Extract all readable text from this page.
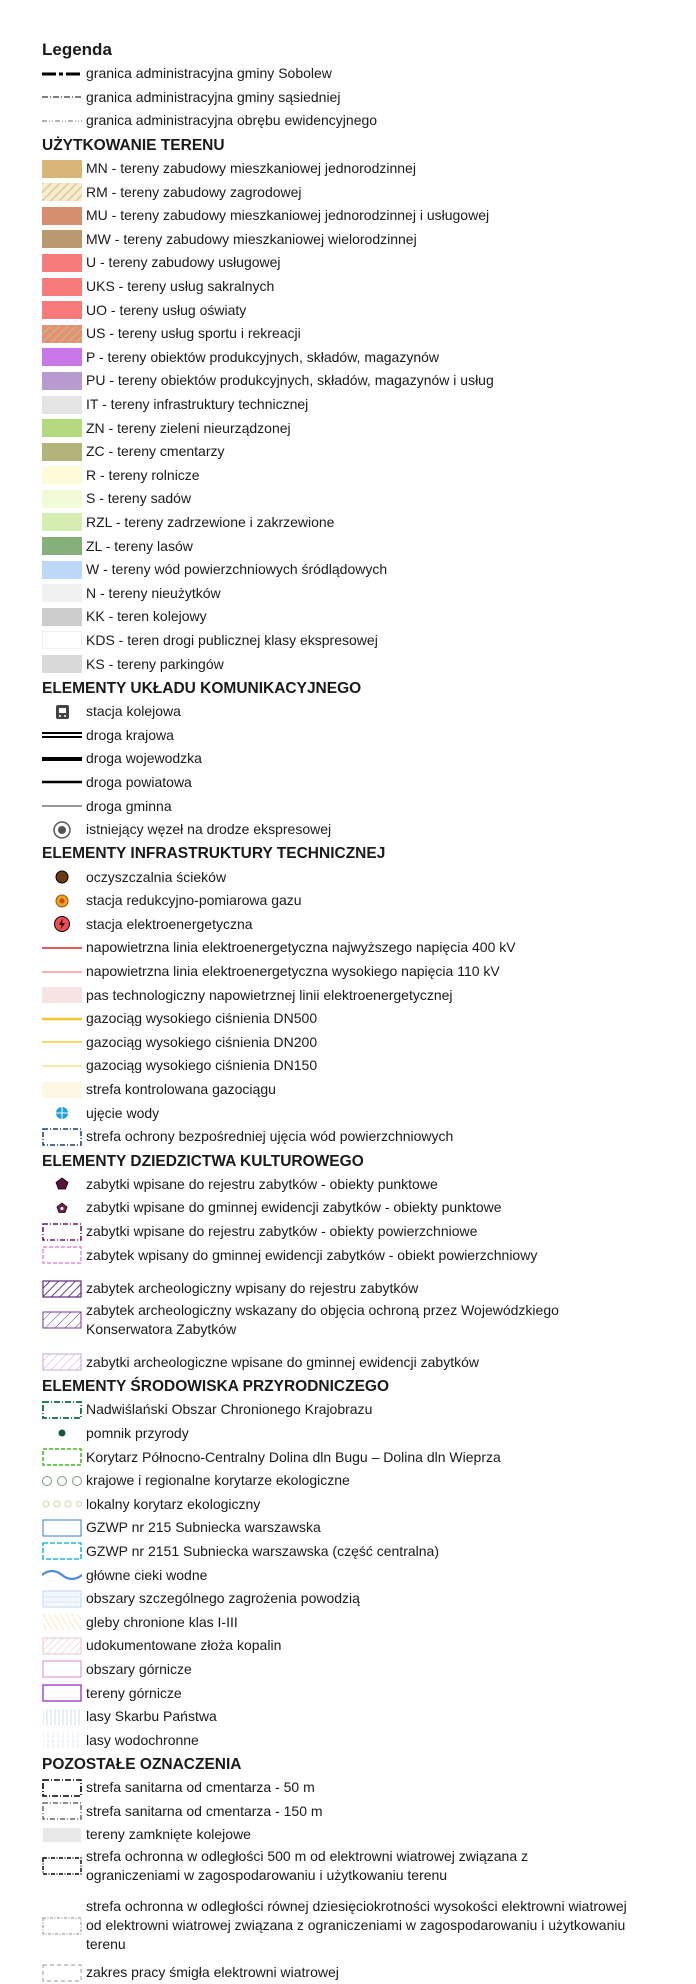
Legenda
granica administracyjna gminy Sobolew
granica administracyjna gminy sąsiedniej
granica administracyjna obrębu ewidencyjnego
UŻYTKOWANIE TERENU
MN - tereny zabudowy mieszkaniowej jednorodzinnej
RM - tereny zabudowy zagrodowej
MU - tereny zabudowy mieszkaniowej jednorodzinnej i usługowej
MW - tereny zabudowy mieszkaniowej wielorodzinnej
U - tereny zabudowy usługowej
UKS - tereny usług sakralnych
UO - tereny usług oświaty
US - tereny usług sportu i rekreacji
P - tereny obiektów produkcyjnych, składów, magazynów
PU - tereny obiektów produkcyjnych, składów, magazynów i usług
IT - tereny infrastruktury technicznej
ZN - tereny zieleni nieurządzonej
ZC - tereny cmentarzy
R - tereny rolnicze
S - tereny sadów
RZL - tereny zadrzewione i zakrzewione
ZL - tereny lasów
W - tereny wód powierzchniowych śródlądowych
N - tereny nieużytków
KK - teren kolejowy
KDS - teren drogi publicznej klasy ekspresowej
KS - tereny parkingów
ELEMENTY UKŁADU KOMUNIKACYJNEGO
stacja kolejowa
droga krajowa
droga wojewodzka
droga powiatowa
droga gminna
istniejący węzeł na drodze ekspresowej
ELEMENTY INFRASTRUKTURY TECHNICZNEJ
oczyszczalnia ścieków
stacja redukcyjno-pomiarowa gazu
stacja elektroenergetyczna
napowietrzna linia elektroenergetyczna najwyższego napięcia 400 kV
napowietrzna linia elektroenergetyczna wysokiego napięcia 110 kV
pas technologiczny napowietrznej linii elektroenergetycznej
gazociąg wysokiego ciśnienia DN500
gazociąg wysokiego ciśnienia DN200
gazociąg wysokiego ciśnienia DN150
strefa kontrolowana gazociągu
ujęcie wody
strefa ochrony bezpośredniej ujęcia wód powierzchniowych
ELEMENTY DZIEDZICTWA KULTUROWEGO
zabytki wpisane do rejestru zabytków - obiekty punktowe
zabytki wpisane do gminnej ewidencji zabytków - obiekty punktowe
zabytki wpisane do rejestru zabytków - obiekty powierzchniowe
zabytek wpisany do gminnej ewidencji zabytków - obiekt powierzchniowy
zabytek archeologiczny wpisany do rejestru zabytków
zabytek archeologiczny wskazany do objęcia ochroną przez Wojewódzkiego Konserwatora Zabytków
zabytki archeologiczne wpisane do gminnej ewidencji zabytków
ELEMENTY ŚRODOWISKA PRZYRODNICZEGO
Nadwiślański Obszar Chronionego Krajobrazu
pomnik przyrody
Korytarz Północno-Centralny Dolina dln Bugu – Dolina dln Wieprza
krajowe i regionalne korytarze ekologiczne
lokalny korytarz ekologiczny
GZWP nr 215 Subniecka warszawska
GZWP nr 2151 Subniecka warszawska (część centralna)
główne cieki wodne
obszary szczególnego zagrożenia powodzią
gleby chronione klas I-III
udokumentowane złoża kopalin
obszary górnicze
tereny górnicze
lasy Skarbu Państwa
lasy wodochronne
POZOSTAŁE OZNACZENIA
strefa sanitarna od cmentarza - 50 m
strefa sanitarna od cmentarza - 150 m
tereny zamknięte kolejowe
strefa ochronna w odległości 500 m od elektrowni wiatrowej związana z ograniczeniami w zagospodarowaniu i użytkowaniu terenu
strefa ochronna w odległości równej dziesięciokrotności wysokości elektrowni wiatrowej od elektrowni wiatrowej związana z ograniczeniami w zagospodarowaniu i użytkowaniu terenu
zakres pracy śmigła elektrowni wiatrowej
